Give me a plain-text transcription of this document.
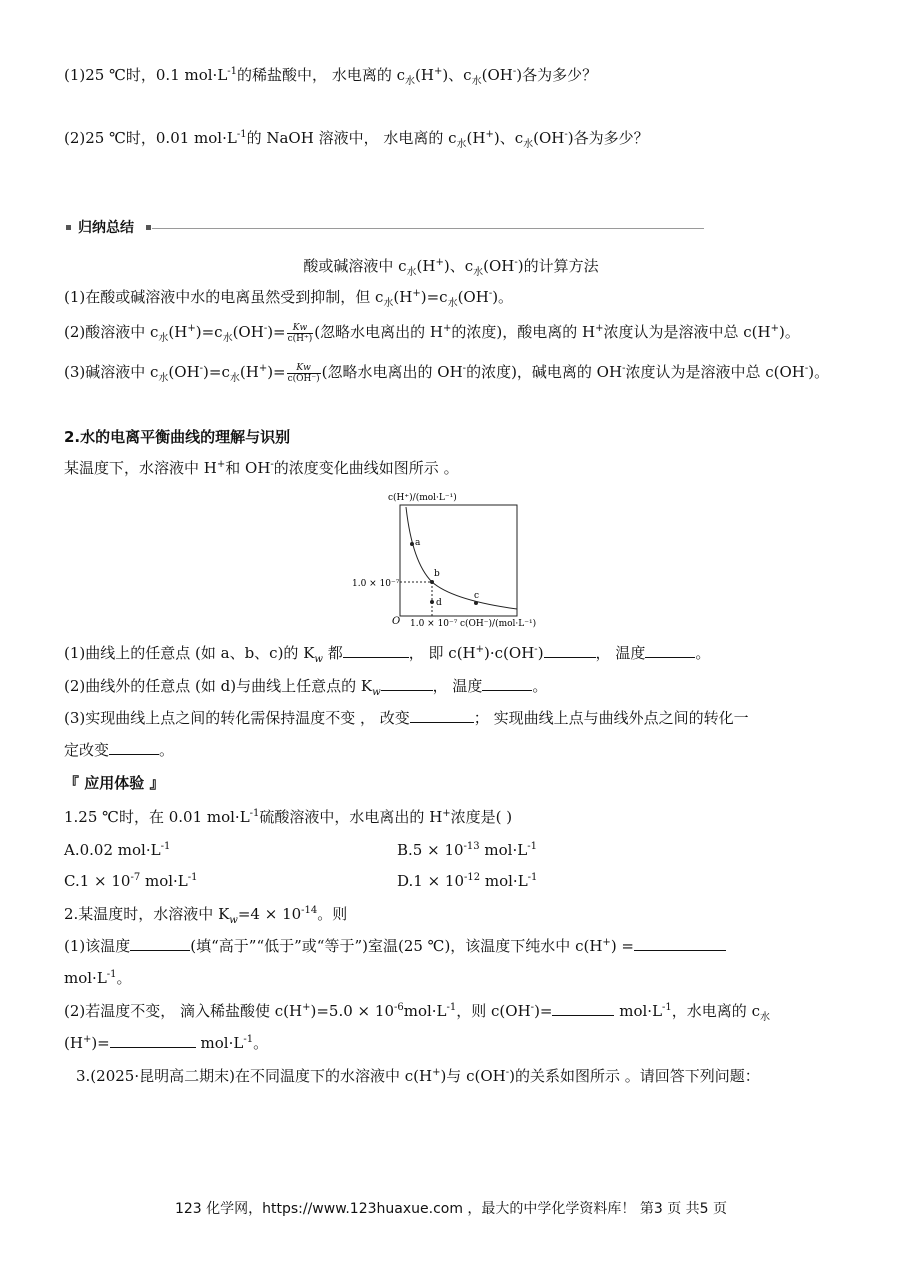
(1)25 ℃时，0.1 $mol\cdot L^{-1}$的稀盐酸中， 水电离的 $c_水(H^+)$、$c_水(OH^-)$各为多少？
(2)25 ℃时，0.01 $mol\cdot L^{-1}$的 NaOH 溶液中， 水电离的 $c_水(H^+)$、$c_水(OH^-)$各为多少？
归纳总结
酸或碱溶液中 $c_水(H^+)$、$c_水(OH^-)$的计算方法
(1)在酸或碱溶液中水的电离虽然受到抑制，但 $c_水(H^+)=c_水(OH^-)$。
(2)酸溶液中 $c_水(H^+)=c_水(OH^-)= \frac{Kw}{c(H^+)}$ (忽略水电离出的 H+的浓度)，酸电离的 H+浓度认为是溶液中总 c(H+)。
(3)碱溶液中 $c_水(OH^-)=c_水(H^+)= \frac{Kw}{c(OH^-)}$ (忽略水电离出的 OH-的浓度)，碱电离的 OH-浓度认为是溶液中总 c(OH-)。
2.水的电离平衡曲线的理解与识别
某温度下，水溶液中 H+和 OH-的浓度变化曲线如图所示 。
c(H⁺)/(mol·L⁻¹)
a
b
c
d
1.0 × 10⁻⁷
O 1.0 × 10⁻⁷ c(OH⁻)/(mol·L⁻¹)
(1)曲线上的任意点 (如 a、b、c)的 $K_w$ 都	， 即 c(H+)·c(OH-)	， 温度	。
(2)曲线外的任意点 (如 d)与曲线上任意点的 $K_w$	， 温度	。
(3)实现曲线上点之间的转化需保持温度不变 ， 改变	； 实现曲线上点与曲线外点之间的转化一
定改变	。
『 应用体验 』
1.25 ℃时，在 0.01 $mol\cdot L^{-1}$硫酸溶液中，水电离出的 H+浓度是( )
A.0.02 $mol\cdot L^{-1}$	$B.5 \times 10^{-13}$ $mol\cdot L^{-1}$
$C.1 \times 10^{-7}$ $mol\cdot L^{-1}$	$D.1 \times 10^{-12}$ $mol\cdot L^{-1}$
2.某温度时，水溶液中 $K_w=4 \times 10^{-14}$。则
(1)该温度	(填“高于”“低于”或“等于”)室温(25 ℃)，该温度下纯水中 c(H+) =
$mol\cdot L^{-1}$。
(2)若温度不变， 滴入稀盐酸使 $c(H^+)=5.0 \times 10^{-6}mol\cdot L^{-1}$，则 c(OH-)=	$mol\cdot L^{-1}$，水电离的 $c_水$
(H+)=	$mol\cdot L^{-1}$。
3.(2025·昆明高二期末)在不同温度下的水溶液中 c(H+)与 c(OH-)的关系如图所示 。请回答下列问题：
123 化学网，https://www.123huaxue.com ，最大的中学化学资料库！ 第3 页 共5 页
